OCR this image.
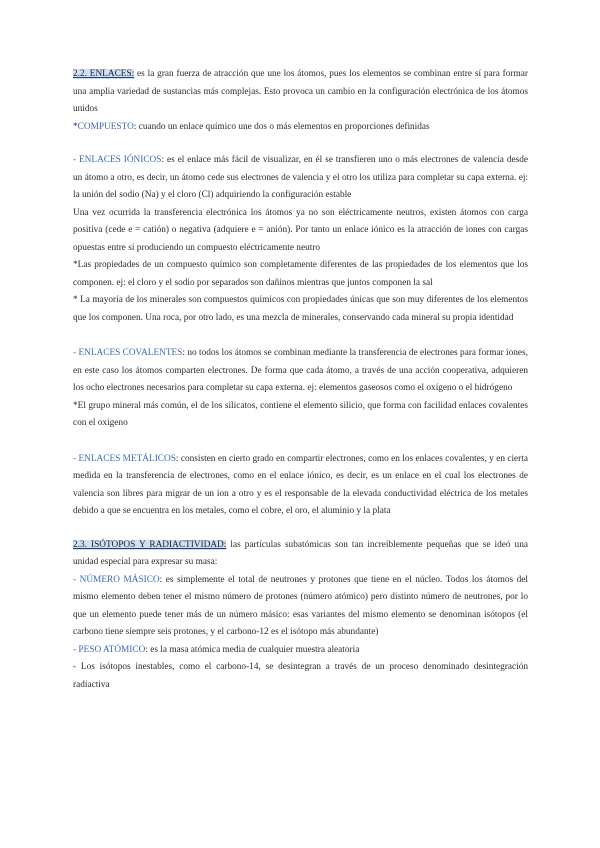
2.2. ENLACES: es la gran fuerza de atracción que une los átomos, pues los elementos se combinan entre sí para formar una amplia variedad de sustancias más complejas. Esto provoca un cambio en la configuración electrónica de los átomos unidos

*COMPUESTO: cuando un enlace químico une dos o más elementos en proporciones definidas

- ENLACES IÓNICOS: es el enlace más fácil de visualizar, en él se transfieren uno o más electrones de valencia desde un átomo a otro, es decir, un átomo cede sus electrones de valencia y el otro los utiliza para completar su capa externa. ej: la unión del sodio (Na) y el cloro (Cl) adquiriendo la configuración estable

Una vez ocurrida la transferencia electrónica los átomos ya no son eléctricamente neutros, existen átomos con carga positiva (cede e = catión) o negativa (adquiere e = anión). Por tanto un enlace iónico es la atracción de iones con cargas opuestas entre sí produciendo un compuesto eléctricamente neutro

*Las propiedades de un compuesto químico son completamente diferentes de las propiedades de los elementos que los componen. ej: el cloro y el sodio por separados son dañinos mientras que juntos componen la sal

* La mayoría de los minerales son compuestos químicos con propiedades únicas que son muy diferentes de los elementos que los componen. Una roca, por otro lado, es una mezcla de minerales, conservando cada mineral su propia identidad

- ENLACES COVALENTES: no todos los átomos se combinan mediante la transferencia de electrones para formar iones, en este caso los átomos comparten electrones. De forma que cada átomo, a través de una acción cooperativa, adquieren los ocho electrones necesarios para completar su capa externa. ej: elementos gaseosos como el oxígeno o el hidrógeno

*El grupo mineral más común, el de los silicatos, contiene el elemento silicio, que forma con facilidad enlaces covalentes con el oxígeno

- ENLACES METÁLICOS: consisten en cierto grado en compartir electrones, como en los enlaces covalentes, y en cierta medida en la transferencia de electrones, como en el enlace iónico, es decir, es un enlace en el cual los electrones de valencia son libres para migrar de un ion a otro y es el responsable de la elevada conductividad eléctrica de los metales debido a que se encuentra en los metales, como el cobre, el oro, el aluminio y la plata

2.3. ISÓTOPOS Y RADIACTIVIDAD: las partículas subatómicas son tan increíblemente pequeñas que se ideó una unidad especial para expresar su masa:

- NÚMERO MÁSICO: es simplemente el total de neutrones y protones que tiene en el núcleo. Todos los átomos del mismo elemento deben tener el mismo número de protones (número atómico) pero distinto número de neutrones, por lo que un elemento puede tener más de un número másico: esas variantes del mismo elemento se denominan isótopos (el carbono tiene siempre seis protones, y el carbono-12 es el isótopo más abundante)

- PESO ATÓMICO: es la masa atómica media de cualquier muestra aleatoria

- Los isótopos inestables, como el carbono-14, se desintegran a través de un proceso denominado desintegración radiactiva
